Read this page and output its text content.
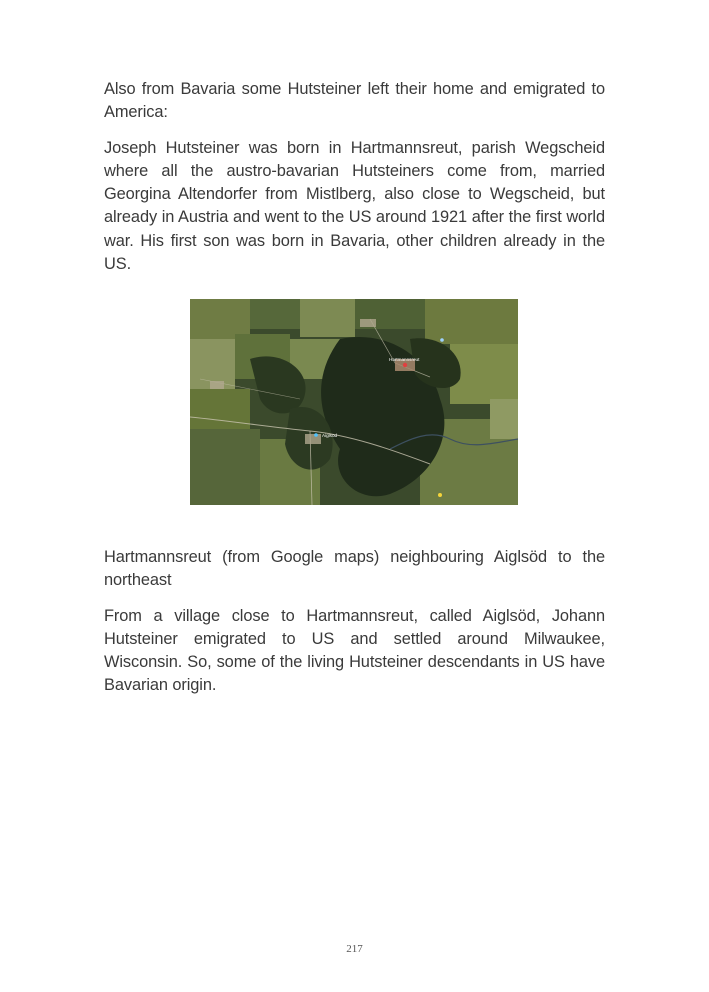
Also from Bavaria some Hutsteiner left their home and emigrated to America:

Joseph Hutsteiner was born in Hartmannsreut, parish Wegscheid where all the austro-bavarian Hutsteiners come from, married Georgina Altendorfer from Mistlberg, also close to Wegscheid, but already in Austria and went to the US around 1921 after the first world war. His first son was born in Bavaria, other children already in the US.

Hartmannsreut
Aiglsöd

Hartmannsreut (from Google maps) neighbouring Aiglsöd to the northeast

From a village close to Hartmannsreut, called Aiglsöd, Johann Hutsteiner emigrated to US and settled around Milwaukee, Wisconsin. So, some of the living Hutsteiner descendants in US have Bavarian origin.

217
